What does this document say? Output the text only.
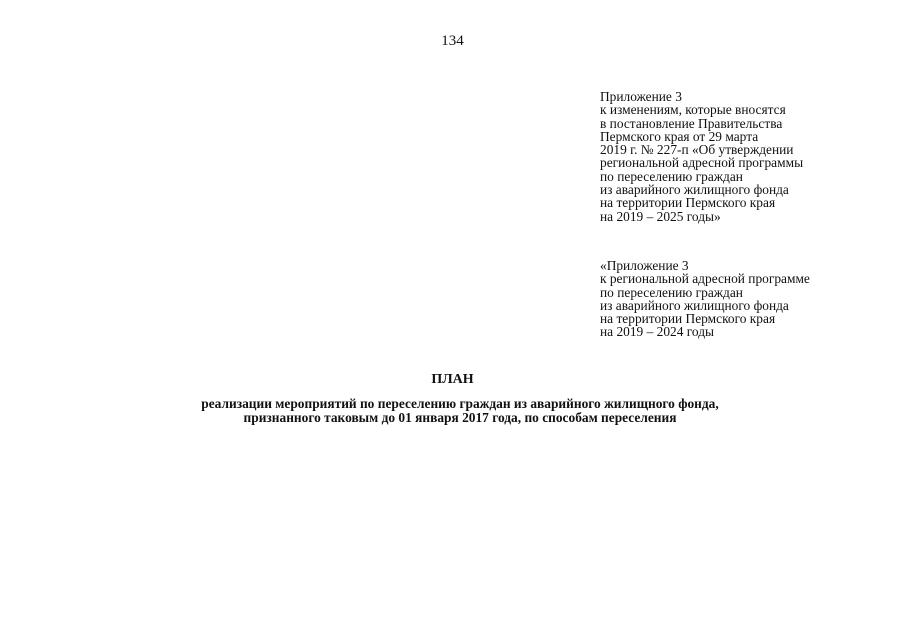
134
Приложение 3
к изменениям, которые вносятся
в постановление Правительства
Пермского края от 29 марта
2019 г. № 227-п «Об утверждении
региональной адресной программы
по переселению граждан
из аварийного жилищного фонда
на территории Пермского края
на 2019 – 2025 годы»
«Приложение 3
к региональной адресной программе
по переселению граждан
из аварийного жилищного фонда
на территории Пермского края
на 2019 – 2024 годы
ПЛАН
реализации мероприятий по переселению граждан из аварийного жилищного фонда,
признанного таковым до 01 января 2017 года, по способам переселения
